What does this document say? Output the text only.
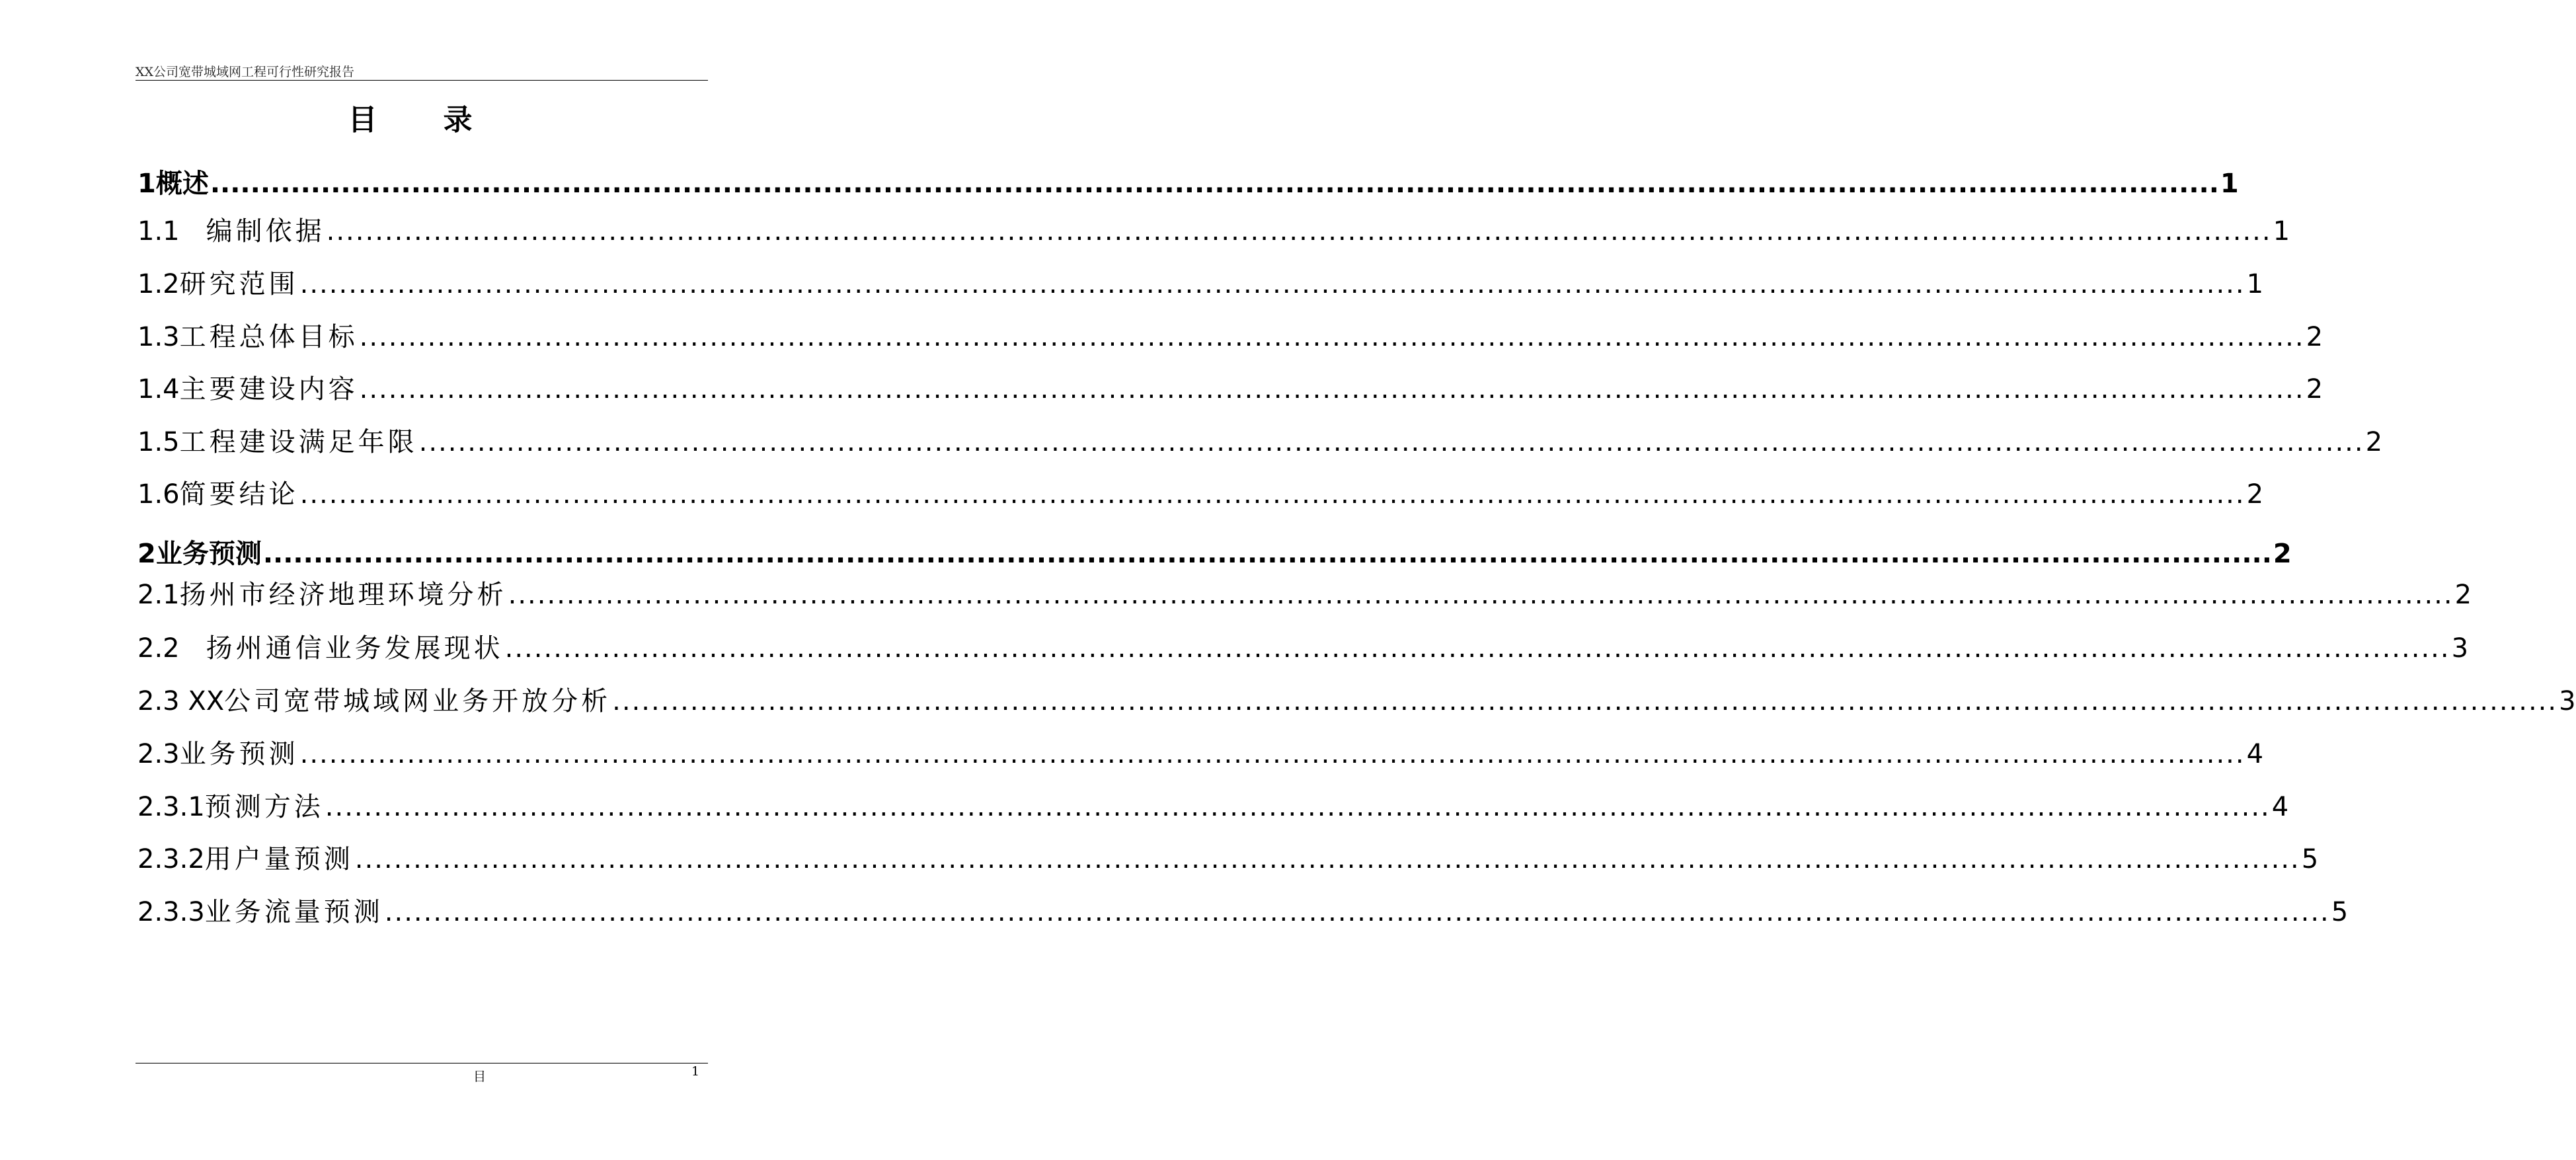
XX公司宽带城域网工程可行性研究报告
目录
1 概述 ........................................................................................................................................................................................................ 1
1.1　 编制依据 ........................................................................................................................................................................................................ 1
1.2 研究范围 ........................................................................................................................................................................................................ 1
1.3 工程总体目标 ........................................................................................................................................................................................................ 2
1.4 主要建设内容 ........................................................................................................................................................................................................ 2
1.5 工程建设满足年限 ........................................................................................................................................................................................................ 2
1.6 简要结论 ........................................................................................................................................................................................................ 2
2 业务预测 ........................................................................................................................................................................................................ 2
2.1 扬州市经济地理环境分析 ........................................................................................................................................................................................................ 2
2.2　 扬州通信业务发展现状 ........................................................................................................................................................................................................ 3
2.3 XX 公司宽带城域网业务开放分析 ........................................................................................................................................................................................................ 3
2.3 业务预测 ........................................................................................................................................................................................................ 4
2.3.1 预测方法 ........................................................................................................................................................................................................ 4
2.3.2 用户量预测 ........................................................................................................................................................................................................ 5
2.3.3 业务流量预测 ........................................................................................................................................................................................................ 5
目	1
